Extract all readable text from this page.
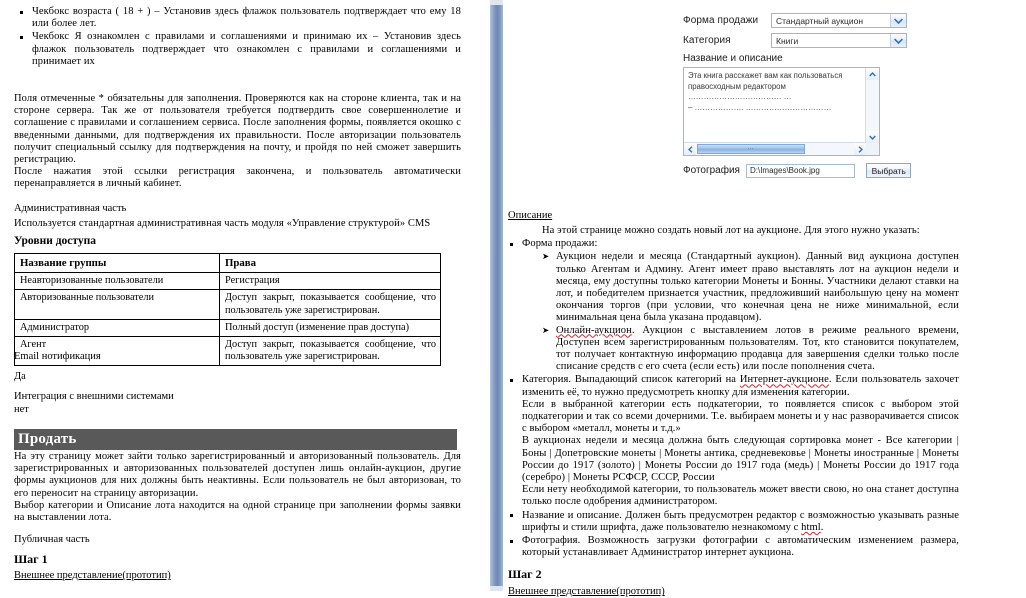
Чекбокс возраста ( 18 + ) – Установив здесь флажок пользователь подтверждает что ему 18 или более лет.
Чекбокс Я ознакомлен с правилами и соглашениями и принимаю их – Установив здесь флажок пользователь подтверждает что ознакомлен с правилами и соглашениями и принимает их
Поля отмеченные * обязательны для заполнения. Проверяются как на стороне клиента, так и на стороне сервера. Так же от пользователя требуется подтвердить свое совершеннолетие и соглашение с правилами и соглашением сервиса. После заполнения формы, появляется окошко с введенными данными, для подтверждения их правильности. После авторизации пользователь получит специальный ссылку для подтверждения на почту, и пройдя по ней сможет завершить регистрацию.
После нажатия этой ссылки регистрация закончена, и пользователь автоматически перенаправляется в личный кабинет.
Административная часть
Используется стандартная административная часть модуля «Управление структурой» CMS
Уровни доступа
Название группы	Права
Неавторизованные пользователи	Регистрация
Авторизованные пользователи	Доступ закрыт, показывается сообщение, что пользователь уже зарегистрирован.
Администратор	Полный доступ (изменение прав доступа)
Агент	Доступ закрыт, показывается сообщение, что пользователь уже зарегистрирован.
Email нотификация
Да
Интеграция с внешними системами
нет
Продать
На эту страницу может зайти только зарегистрированный и авторизованный пользователь. Для зарегистрированных и авторизованных пользователей доступен лишь онлайн-аукцион, другие формы аукционов для них должны быть неактивны. Если пользователь не был авторизован, то его переносит на страницу авторизации.
Выбор категории и Описание лота находится на одной странице при заполнении формы заявки на выставлении лота.
Публичная часть
Шаг 1
Внешнее представление(прототип)
Форма продажи	Стандартный аукцион
Категория	Книги
Название и описание
Эта книга расскажет вам как пользоваться
правосходным редактором ……………………………… …
– ………………. ……………………………
⋯
Фотография	D:\Images\Book.jpg	Выбрать
Описание
На этой странице можно создать новый лот на аукционе. Для этого нужно указать:
Форма продажи:
➤ Аукцион недели и месяца (Стандартный аукцион). Данный вид аукциона доступен только Агентам и Админу. Агент имеет право выставлять лот на аукцион недели и месяца, ему доступны только категории Монеты и Бонны. Участники делают ставки на лот, и победителем признается участник, предложивший наибольшую цену на момент окончания торгов (при условии, что конечная цена не ниже минимальной, если минимальная цена была указана продавцом).
➤ Онлайн-аукцион. Аукцион с выставлением лотов в режиме реального времени, Доступен всем зарегистрированным пользователям. Тот, кто становится покупателем, тот получает контактную информацию продавца для завершения сделки только после списание средств с его счета (если есть) или после пополнения счета.
Категория. Выпадающий список категорий на Интернет-аукционе. Если пользователь захочет изменить её, то нужно предусмотреть кнопку для изменения категории.
Если в выбранной категории есть подкатегории, то появляется список с выбором этой подкатегории и так со всеми дочерними. Т.е. выбираем монеты и у нас разворачивается список с выбором «металл, монеты и т.д.»
В аукционах недели и месяца должна быть следующая сортировка монет - Все категории | Боны | Допетровские монеты | Монеты антика, средневековье | Монеты иностранные | Монеты России до 1917 (золото) | Монеты России до 1917 года (медь) | Монеты России до 1917 года (серебро) | Монеты РСФСР, СССР, России
Если нету необходимой категории, то пользователь может ввести свою, но она станет доступна только после одобрения администратором.
Название и описание. Должен быть предусмотрен редактор с возможностью указывать разные шрифты и стили шрифта, даже пользователю незнакомому с html.
Фотография. Возможность загрузки фотографии с автоматическим изменением размера, который устанавливает Администратор интернет аукциона.
Шаг 2
Внешнее представление(прототип)
